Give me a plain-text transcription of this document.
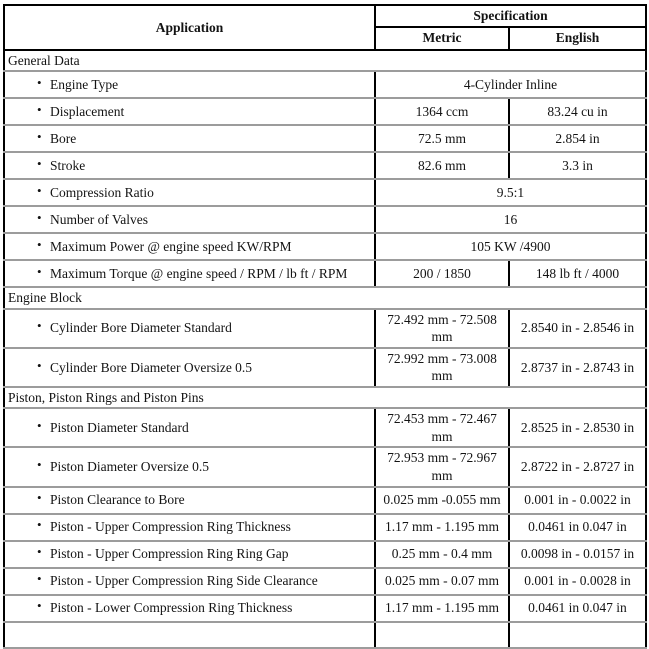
Application	Specification	
	Metric	English
General Data		

• Engine Type	4-Cylinder Inline	

• Displacement	1364 ccm	83.24 cu in

• Bore	72.5 mm	2.854 in

• Stroke	82.6 mm	3.3 in

• Compression Ratio	9.5:1	

• Number of Valves	16	

• Maximum Power @ engine speed KW/RPM	105 KW /4900	

• Maximum Torque @ engine speed / RPM / lb ft / RPM	200 / 1850	148 lb ft / 4000
Engine Block		

• Cylinder Bore Diameter Standard	72.492 mm - 72.508 mm	2.8540 in - 2.8546 in

• Cylinder Bore Diameter Oversize 0.5	72.992 mm - 73.008 mm	2.8737 in - 2.8743 in
Piston, Piston Rings and Piston Pins		

• Piston Diameter Standard	72.453 mm - 72.467 mm	2.8525 in - 2.8530 in

• Piston Diameter Oversize 0.5	72.953 mm - 72.967 mm	2.8722 in - 2.8727 in

• Piston Clearance to Bore	0.025 mm -0.055 mm	0.001 in - 0.0022 in

• Piston - Upper Compression Ring Thickness	1.17 mm - 1.195 mm	0.0461 in 0.047 in

• Piston - Upper Compression Ring Ring Gap	0.25 mm - 0.4 mm	0.0098 in - 0.0157 in

• Piston - Upper Compression Ring Side Clearance	0.025 mm - 0.07 mm	0.001 in - 0.0028 in

• Piston - Lower Compression Ring Thickness	1.17 mm - 1.195 mm	0.0461 in 0.047 in
